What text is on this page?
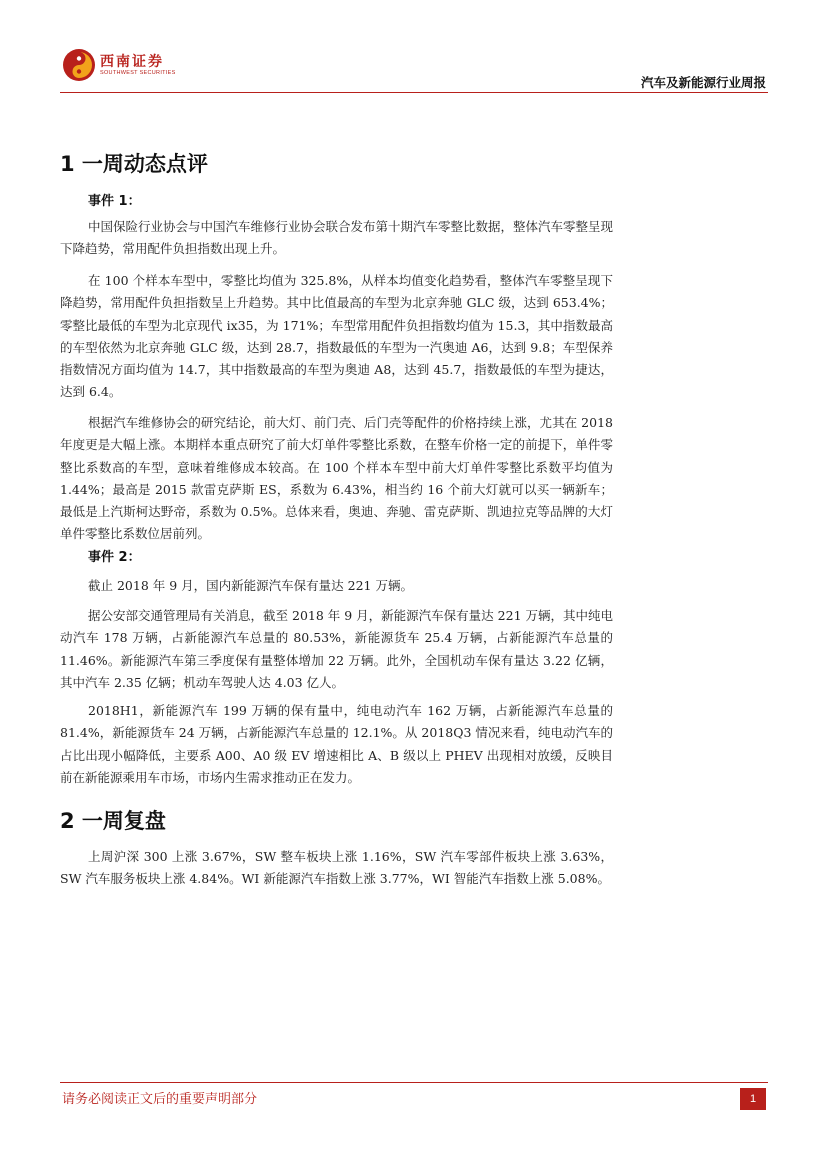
西南证券
SOUTHWEST SECURITIES
汽车及新能源行业周报
1 一周动态点评
事件 1：

中国保险行业协会与中国汽车维修行业协会联合发布第十期汽车零整比数据，整体汽车零整呈现下降趋势，常用配件负担指数出现上升。

在 100 个样本车型中，零整比均值为 325.8%，从样本均值变化趋势看，整体汽车零整呈现下降趋势，常用配件负担指数呈上升趋势。其中比值最高的车型为北京奔驰 GLC 级，达到 653.4%；零整比最低的车型为北京现代 ix35，为 171%；车型常用配件负担指数均值为 15.3，其中指数最高的车型依然为北京奔驰 GLC 级，达到 28.7，指数最低的车型为一汽奥迪 A6，达到 9.8；车型保养指数情况方面均值为 14.7，其中指数最高的车型为奥迪 A8，达到 45.7，指数最低的车型为捷达，达到 6.4。

根据汽车维修协会的研究结论，前大灯、前门壳、后门壳等配件的价格持续上涨，尤其在 2018 年度更是大幅上涨。本期样本重点研究了前大灯单件零整比系数，在整车价格一定的前提下，单件零整比系数高的车型，意味着维修成本较高。在 100 个样本车型中前大灯单件零整比系数平均值为 1.44%；最高是 2015 款雷克萨斯 ES，系数为 6.43%，相当约 16 个前大灯就可以买一辆新车；最低是上汽斯柯达野帝，系数为 0.5%。总体来看，奥迪、奔驰、雷克萨斯、凯迪拉克等品牌的大灯单件零整比系数位居前列。

事件 2：

截止 2018 年 9 月，国内新能源汽车保有量达 221 万辆。

据公安部交通管理局有关消息，截至 2018 年 9 月，新能源汽车保有量达 221 万辆，其中纯电动汽车 178 万辆，占新能源汽车总量的 80.53%，新能源货车 25.4 万辆，占新能源汽车总量的 11.46%。新能源汽车第三季度保有量整体增加 22 万辆。此外，全国机动车保有量达 3.22 亿辆，其中汽车 2.35 亿辆；机动车驾驶人达 4.03 亿人。

2018H1，新能源汽车 199 万辆的保有量中，纯电动汽车 162 万辆，占新能源汽车总量的 81.4%，新能源货车 24 万辆，占新能源汽车总量的 12.1%。从 2018Q3 情况来看，纯电动汽车的占比出现小幅降低，主要系 A00、A0 级 EV 增速相比 A、B 级以上 PHEV 出现相对放缓，反映目前在新能源乘用车市场，市场内生需求推动正在发力。

2 一周复盘

上周沪深 300 上涨 3.67%，SW 整车板块上涨 1.16%，SW 汽车零部件板块上涨 3.63%，SW 汽车服务板块上涨 4.84%。WI 新能源汽车指数上涨 3.77%，WI 智能汽车指数上涨 5.08%。

请务必阅读正文后的重要声明部分	1
